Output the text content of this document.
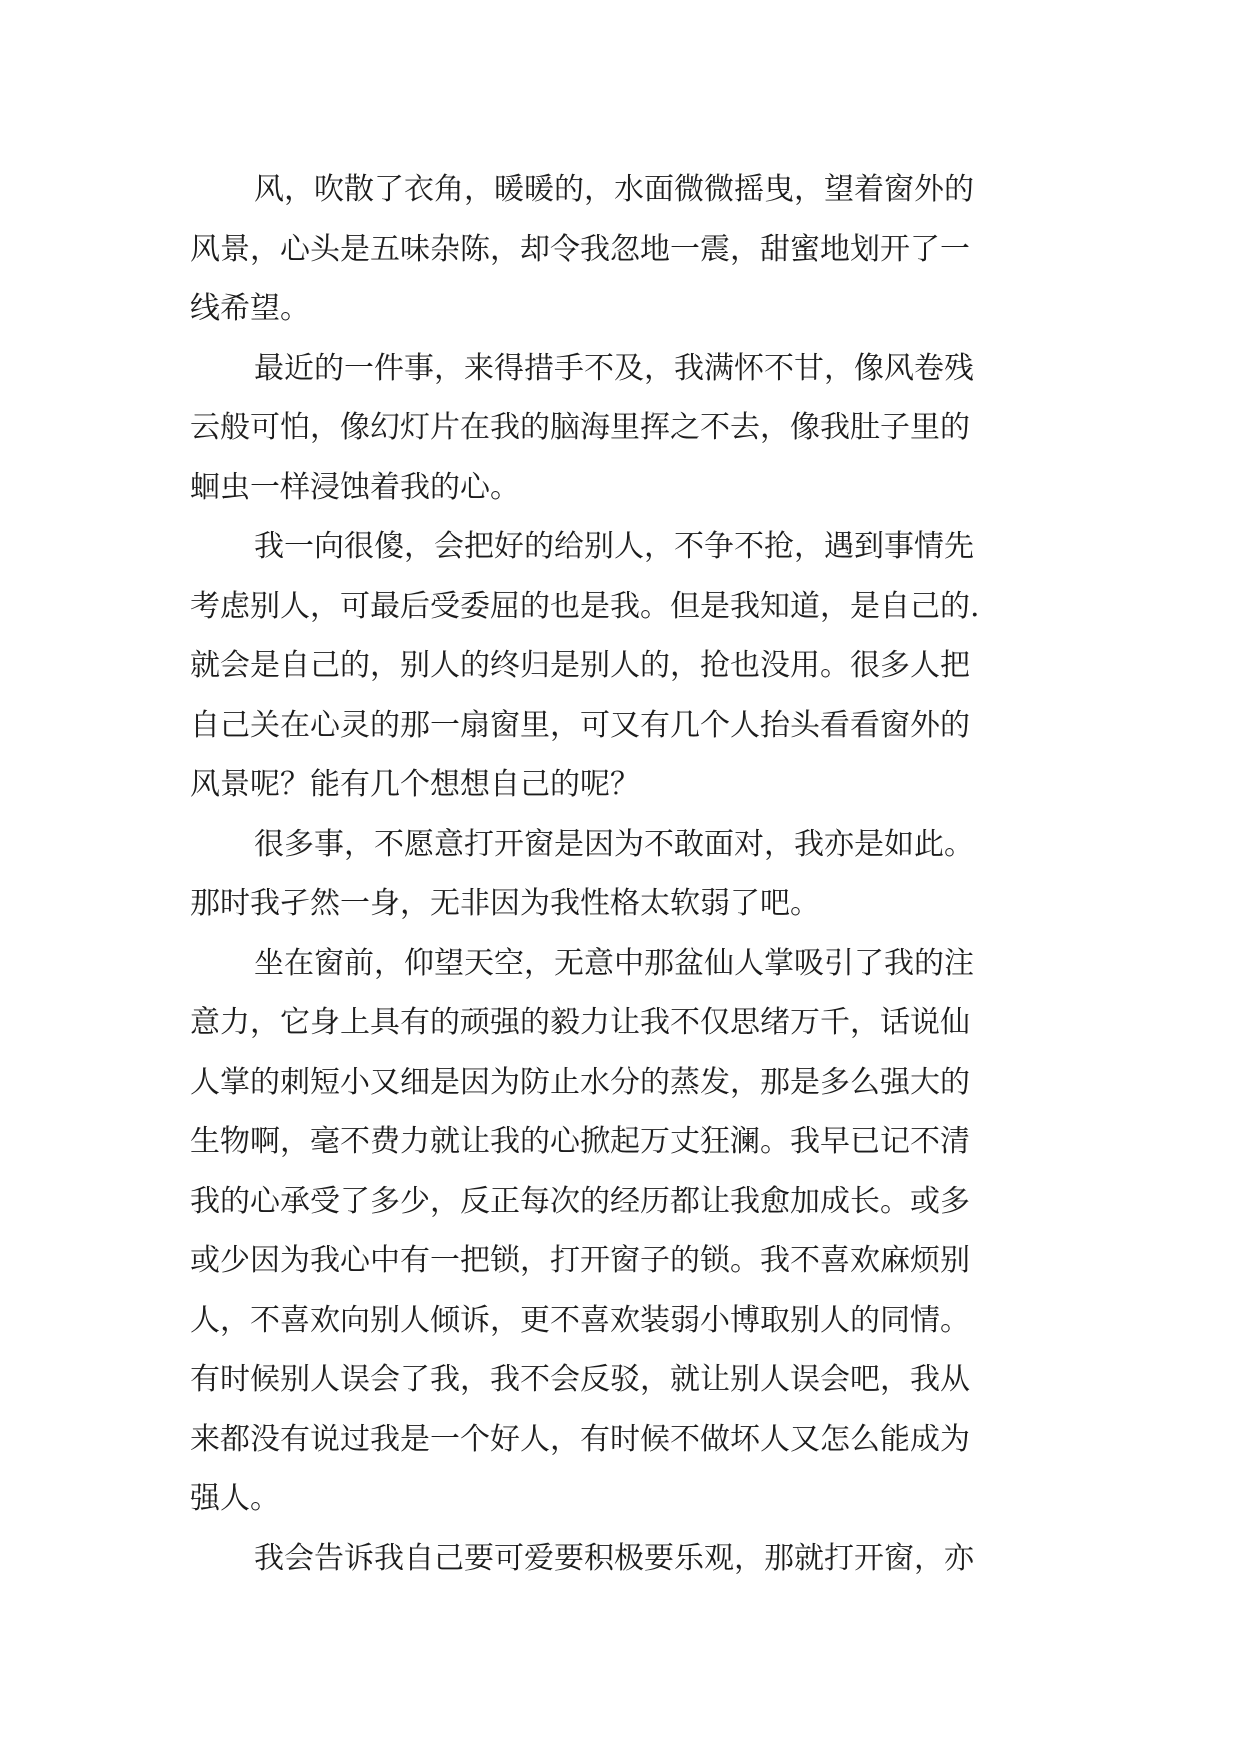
风，吹散了衣角，暖暖的，水面微微摇曳，望着窗外的
风景，心头是五味杂陈，却令我忽地一震，甜蜜地划开了一
线希望。
最近的一件事，来得措手不及，我满怀不甘，像风卷残
云般可怕，像幻灯片在我的脑海里挥之不去，像我肚子里的
蛔虫一样浸蚀着我的心。
我一向很傻，会把好的给别人，不争不抢，遇到事情先
考虑别人，可最后受委屈的也是我。但是我知道，是自己的.
就会是自己的，别人的终归是别人的，抢也没用。很多人把
自己关在心灵的那一扇窗里，可又有几个人抬头看看窗外的
风景呢？能有几个想想自己的呢？
很多事，不愿意打开窗是因为不敢面对，我亦是如此。
那时我孑然一身，无非因为我性格太软弱了吧。
坐在窗前，仰望天空，无意中那盆仙人掌吸引了我的注
意力，它身上具有的顽强的毅力让我不仅思绪万千，话说仙
人掌的刺短小又细是因为防止水分的蒸发，那是多么强大的
生物啊，毫不费力就让我的心掀起万丈狂澜。我早已记不清
我的心承受了多少，反正每次的经历都让我愈加成长。或多
或少因为我心中有一把锁，打开窗子的锁。我不喜欢麻烦别
人，不喜欢向别人倾诉，更不喜欢装弱小博取别人的同情。
有时候别人误会了我，我不会反驳，就让别人误会吧，我从
来都没有说过我是一个好人，有时候不做坏人又怎么能成为
强人。
我会告诉我自己要可爱要积极要乐观，那就打开窗，亦
